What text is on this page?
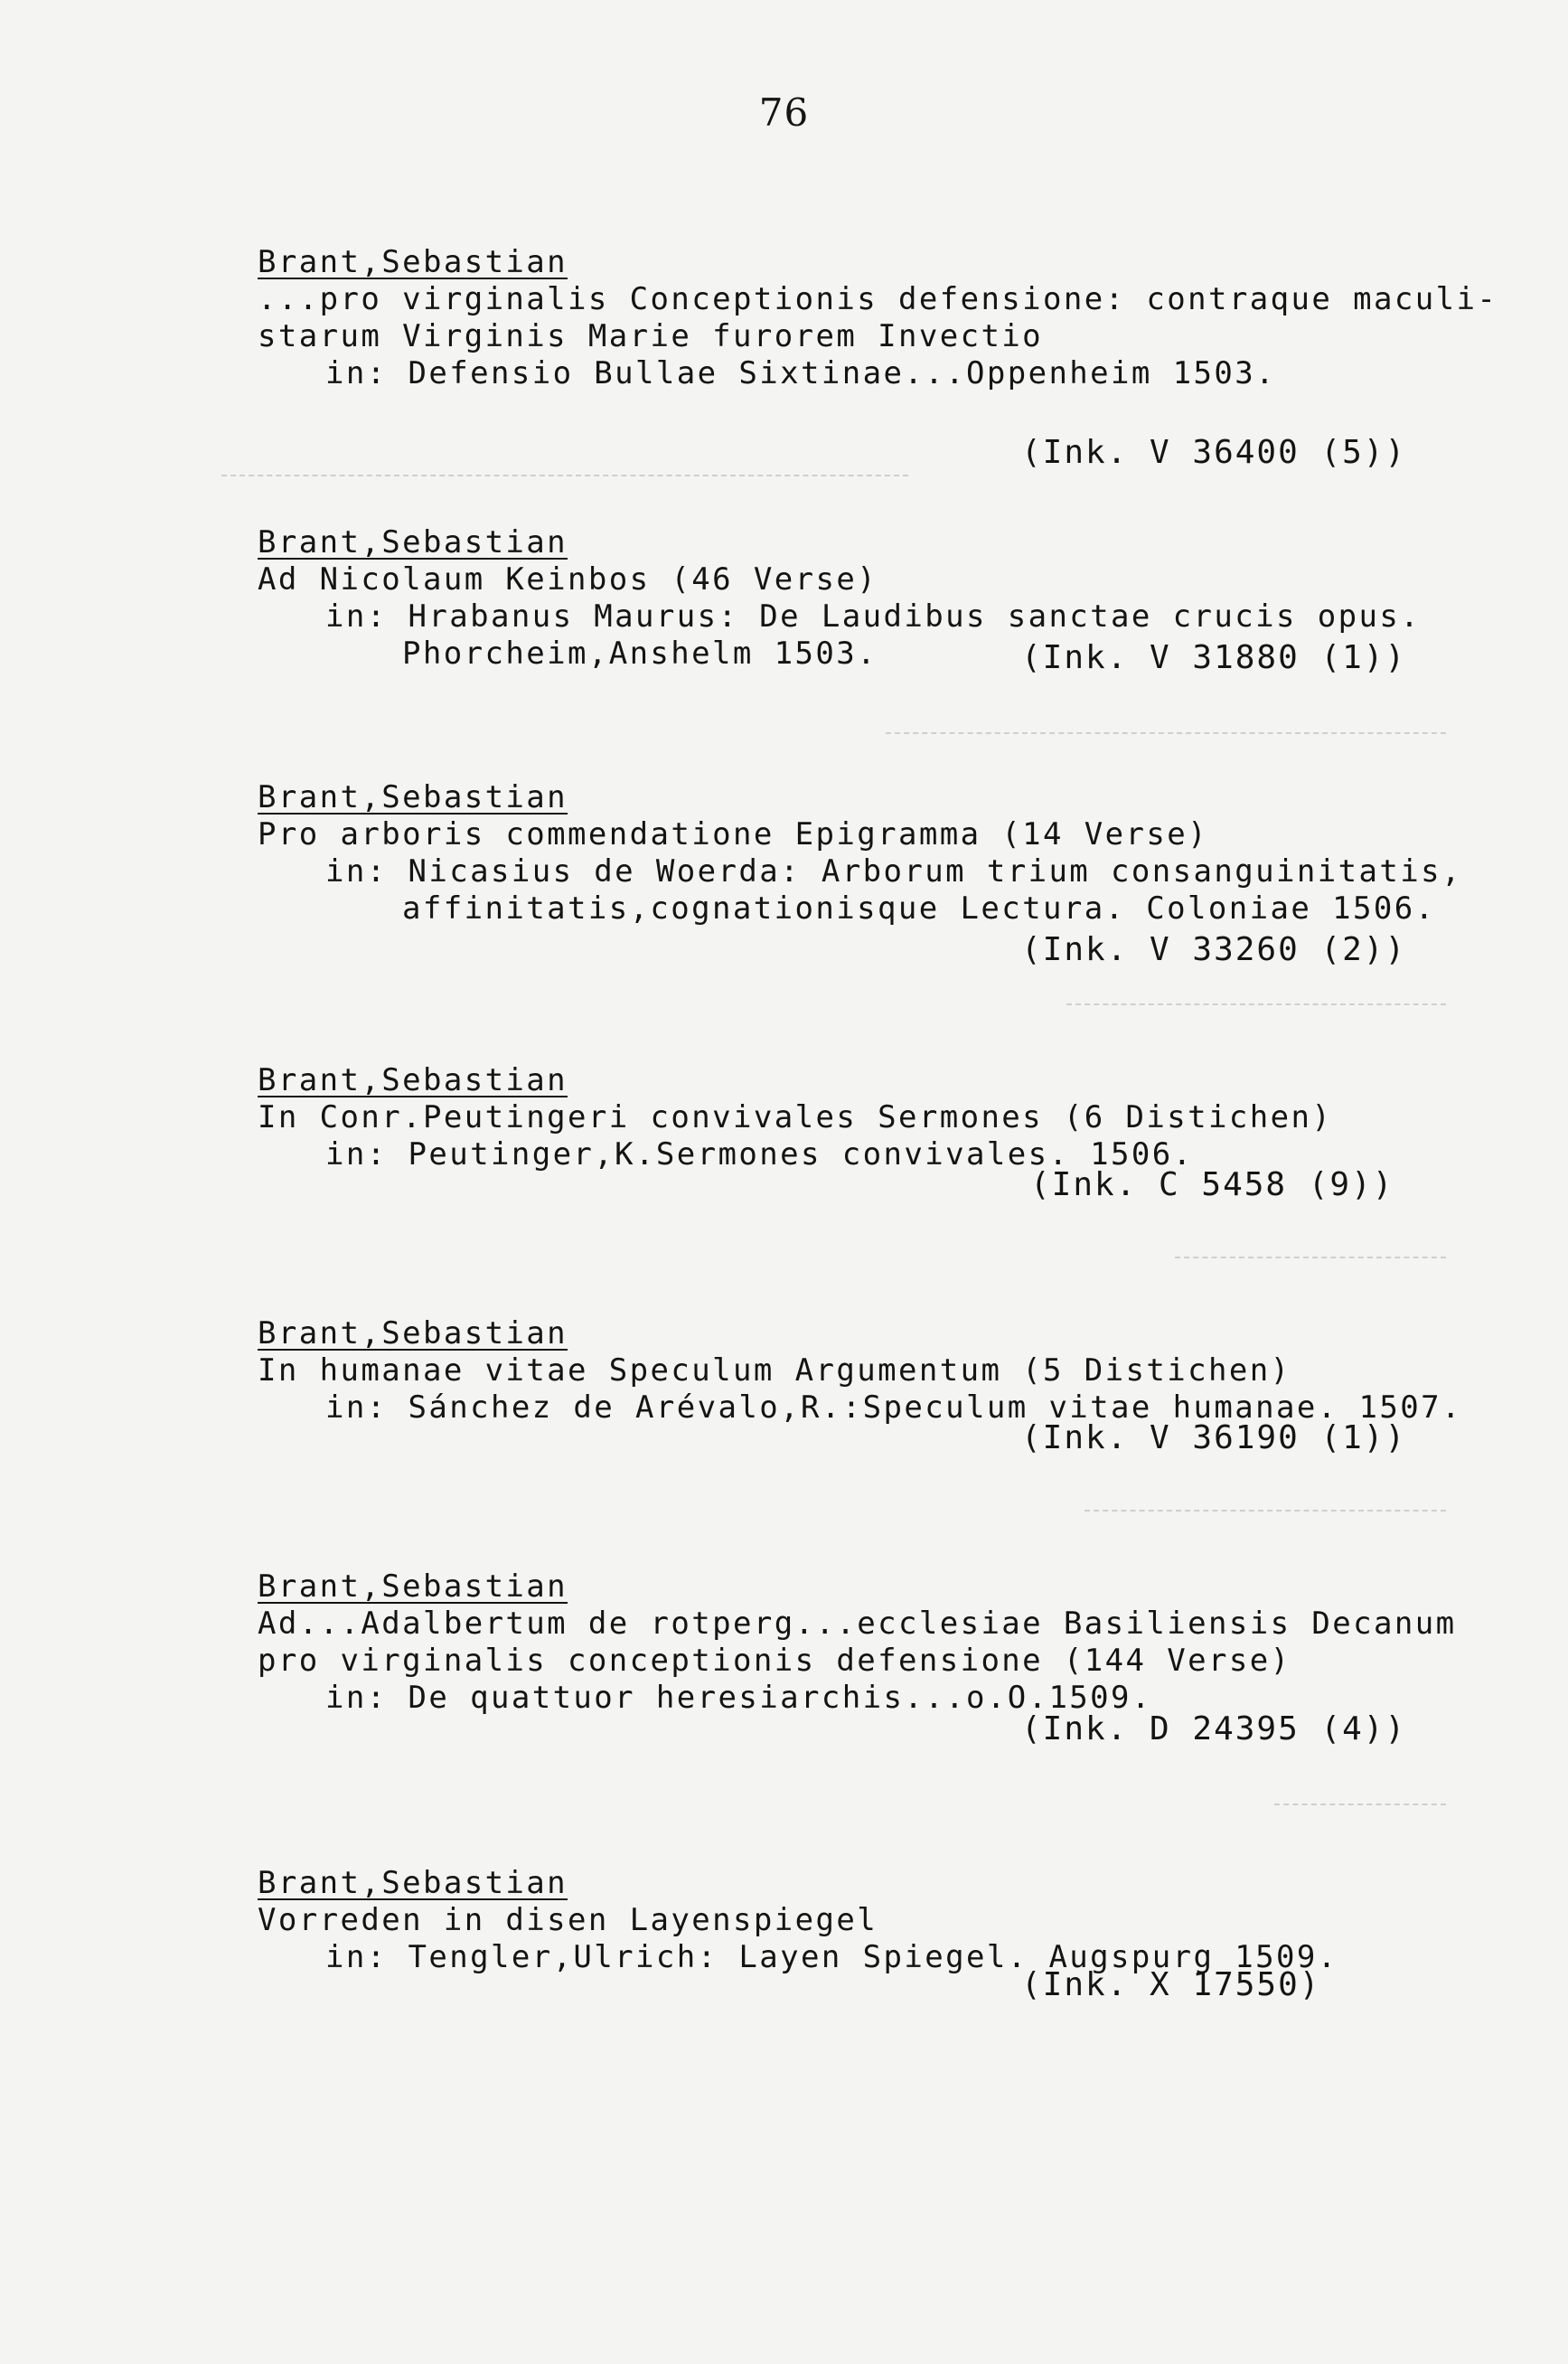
76
Brant,Sebastian
...pro virginalis Conceptionis defensione: contraque maculi-
starum Virginis Marie furorem Invectio
in: Defensio Bullae Sixtinae...Oppenheim 1503.
(Ink. V 36400 (5))
Brant,Sebastian
Ad Nicolaum Keinbos (46 Verse)
in: Hrabanus Maurus: De Laudibus sanctae crucis opus.
Phorcheim,Anshelm 1503.	(Ink. V 31880 (1))
Brant,Sebastian
Pro arboris commendatione Epigramma (14 Verse)
in: Nicasius de Woerda: Arborum trium consanguinitatis,
affinitatis,cognationisque Lectura. Coloniae 1506.
(Ink. V 33260 (2))
Brant,Sebastian
In Conr.Peutingeri convivales Sermones (6 Distichen)
in: Peutinger,K.Sermones convivales. 1506.
(Ink. C 5458 (9))
Brant,Sebastian
In humanae vitae Speculum Argumentum (5 Distichen)
in: Sánchez de Arévalo,R.:Speculum vitae humanae. 1507.
(Ink. V 36190 (1))
Brant,Sebastian
Ad...Adalbertum de rotperg...ecclesiae Basiliensis Decanum
pro virginalis conceptionis defensione (144 Verse)
in: De quattuor heresiarchis...o.O.1509.
(Ink. D 24395 (4))
Brant,Sebastian
Vorreden in disen Layenspiegel
in: Tengler,Ulrich: Layen Spiegel. Augspurg 1509.
(Ink. X 17550)
